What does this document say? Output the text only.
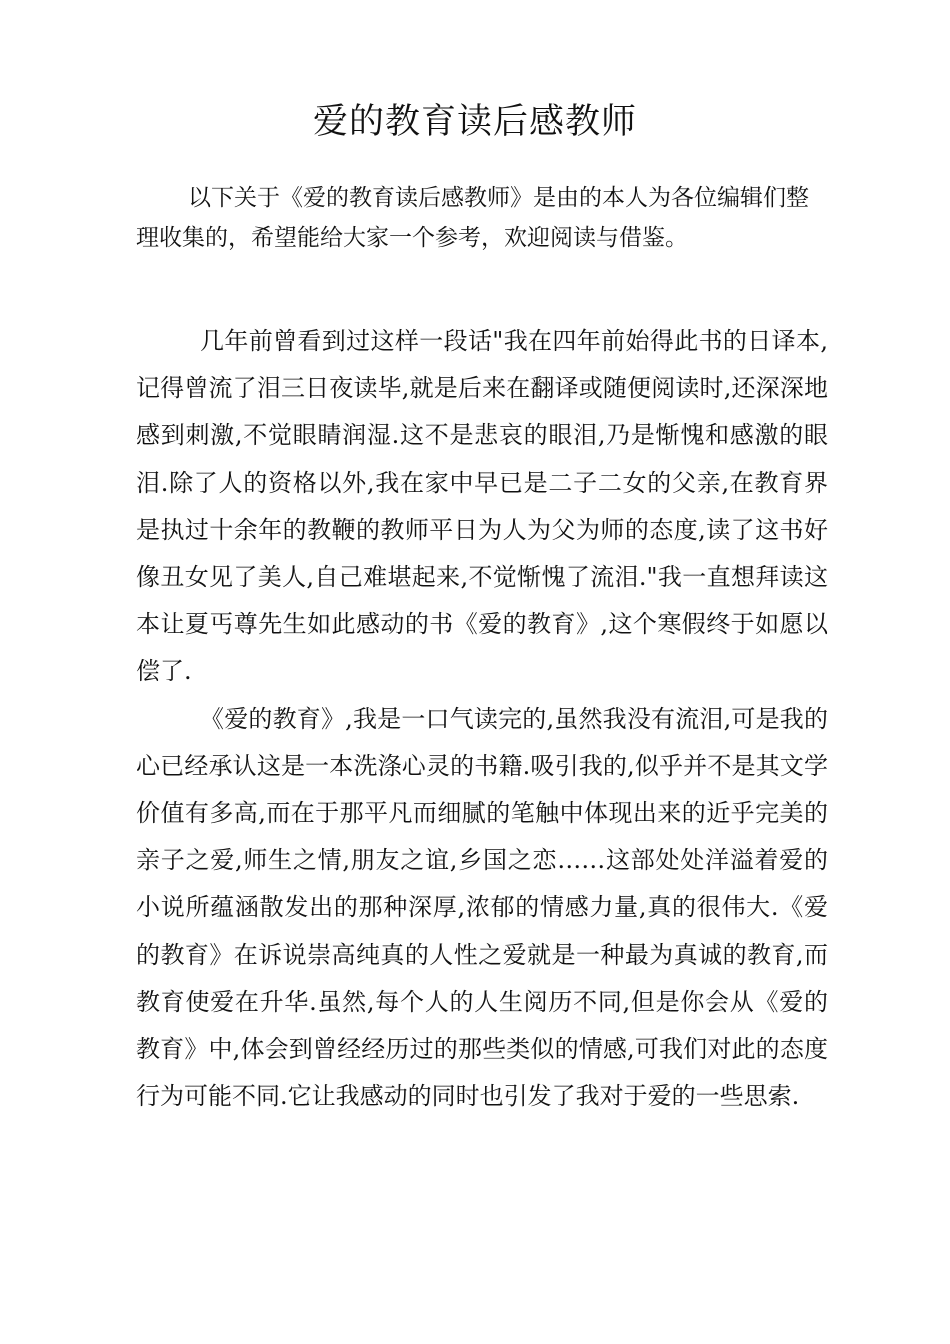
爱的教育读后感教师

以下关于《爱的教育读后感教师》是由的本人为各位编辑们整理收集的，希望能给大家一个参考，欢迎阅读与借鉴。

几年前曾看到过这样一段话"我在四年前始得此书的日译本,记得曾流了泪三日夜读毕,就是后来在翻译或随便阅读时,还深深地感到刺激,不觉眼睛润湿.这不是悲哀的眼泪,乃是惭愧和感激的眼泪.除了人的资格以外,我在家中早已是二子二女的父亲,在教育界是执过十余年的教鞭的教师平日为人为父为师的态度,读了这书好像丑女见了美人,自己难堪起来,不觉惭愧了流泪."我一直想拜读这本让夏丐尊先生如此感动的书《爱的教育》,这个寒假终于如愿以偿了.

《爱的教育》,我是一口气读完的,虽然我没有流泪,可是我的心已经承认这是一本洗涤心灵的书籍.吸引我的,似乎并不是其文学价值有多高,而在于那平凡而细腻的笔触中体现出来的近乎完美的亲子之爱,师生之情,朋友之谊,乡国之恋……这部处处洋溢着爱的小说所蕴涵散发出的那种深厚,浓郁的情感力量,真的很伟大.《爱的教育》在诉说崇高纯真的人性之爱就是一种最为真诚的教育,而教育使爱在升华.虽然,每个人的人生阅历不同,但是你会从《爱的教育》中,体会到曾经经历过的那些类似的情感,可我们对此的态度行为可能不同.它让我感动的同时也引发了我对于爱的一些思索.
